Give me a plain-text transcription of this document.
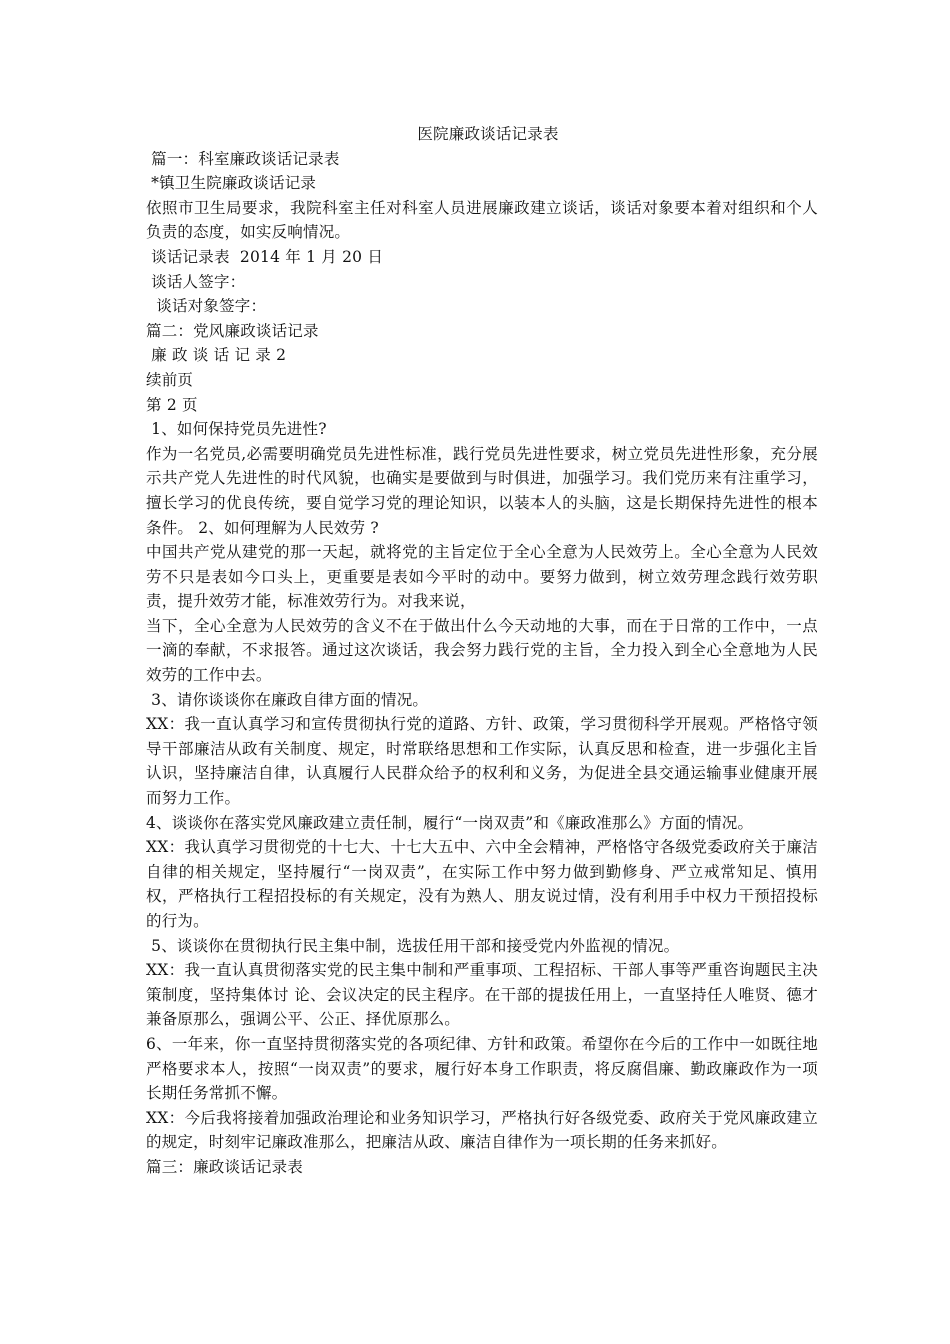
医院廉政谈话记录表

篇一：科室廉政谈话记录表

*镇卫生院廉政谈话记录

依照市卫生局要求，我院科室主任对科室人员进展廉政建立谈话，谈话对象要本着对组织和个人负责的态度，如实反响情况。

谈话记录表  2014 年 1 月 20 日

谈话人签字：

谈话对象签字：

篇二：党风廉政谈话记录

廉 政 谈 话 记 录 2

续前页

第 2 页

1、如何保持党员先进性?

作为一名党员,必需要明确党员先进性标准，践行党员先进性要求，树立党员先进性形象，充分展示共产党人先进性的时代风貌，也确实是要做到与时俱进，加强学习。我们党历来有注重学习，擅长学习的优良传统，要自觉学习党的理论知识，以装本人的头脑，这是长期保持先进性的根本条件。 2、如何理解为人民效劳 ?

中国共产党从建党的那一天起，就将党的主旨定位于全心全意为人民效劳上。全心全意为人民效劳不只是表如今口头上，更重要是表如今平时的动中。要努力做到，树立效劳理念践行效劳职责，提升效劳才能，标准效劳行为。对我来说，

当下，全心全意为人民效劳的含义不在于做出什么今天动地的大事，而在于日常的工作中，一点一滴的奉献，不求报答。通过这次谈话，我会努力践行党的主旨，全力投入到全心全意地为人民效劳的工作中去。

3、请你谈谈你在廉政自律方面的情况。

XX：我一直认真学习和宣传贯彻执行党的道路、方针、政策，学习贯彻科学开展观。严格恪守领导干部廉洁从政有关制度、规定，时常联络思想和工作实际，认真反思和检查，进一步强化主旨认识，坚持廉洁自律，认真履行人民群众给予的权利和义务，为促进全县交通运输事业健康开展而努力工作。

4、谈谈你在落实党风廉政建立责任制，履行“一岗双责”和《廉政准那么》方面的情况。

XX：我认真学习贯彻党的十七大、十七大五中、六中全会精神，严格恪守各级党委政府关于廉洁自律的相关规定，坚持履行“一岗双责”，在实际工作中努力做到勤修身、严立戒常知足、慎用权，严格执行工程招投标的有关规定，没有为熟人、朋友说过情，没有利用手中权力干预招投标的行为。

5、谈谈你在贯彻执行民主集中制，选拔任用干部和接受党内外监视的情况。

XX：我一直认真贯彻落实党的民主集中制和严重事项、工程招标、干部人事等严重咨询题民主决策制度，坚持集体讨 论、会议决定的民主程序。在干部的提拔任用上，一直坚持任人唯贤、德才兼备原那么，强调公平、公正、择优原那么。

6、一年来，你一直坚持贯彻落实党的各项纪律、方针和政策。希望你在今后的工作中一如既往地严格要求本人，按照“一岗双责”的要求，履行好本身工作职责，将反腐倡廉、勤政廉政作为一项长期任务常抓不懈。

XX：今后我将接着加强政治理论和业务知识学习，严格执行好各级党委、政府关于党风廉政建立的规定，时刻牢记廉政准那么，把廉洁从政、廉洁自律作为一项长期的任务来抓好。

篇三：廉政谈话记录表
